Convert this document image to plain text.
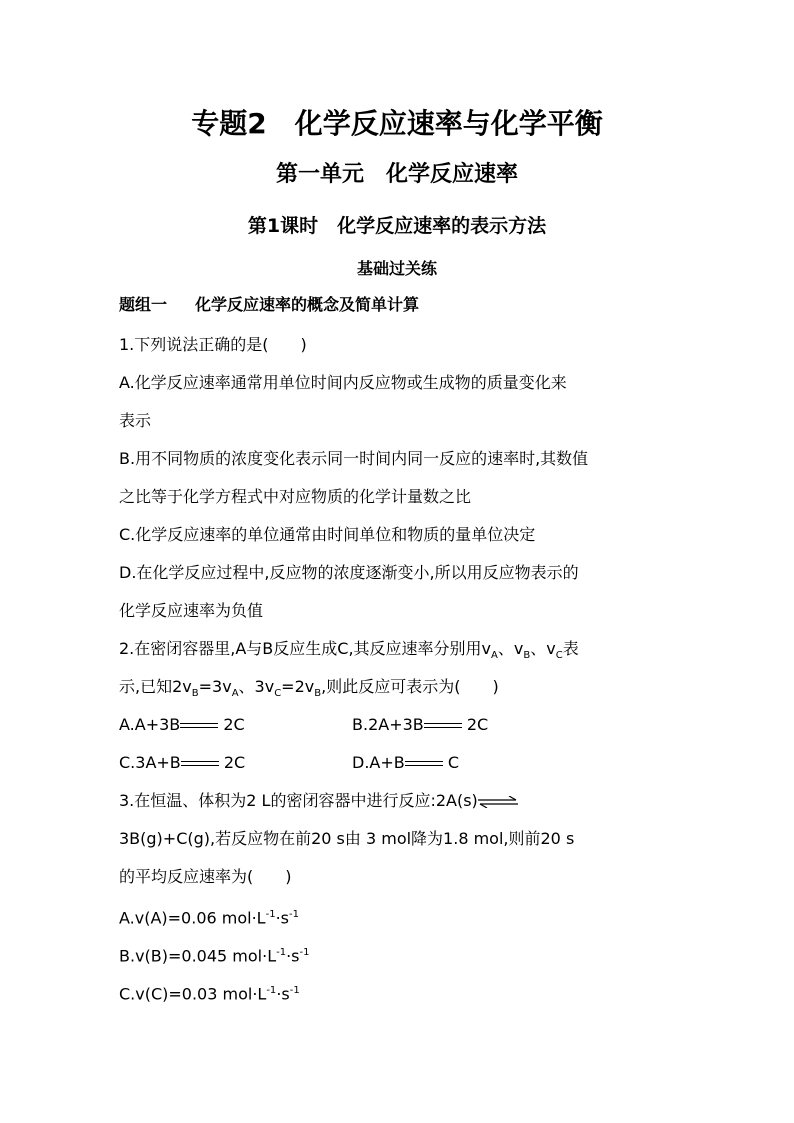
专题2　化学反应速率与化学平衡
第一单元　化学反应速率
第1课时　化学反应速率的表示方法
基础过关练
题组一 化学反应速率的概念及简单计算
1.下列说法正确的是(　　)
A.化学反应速率通常用单位时间内反应物或生成物的质量变化来
表示
B.用不同物质的浓度变化表示同一时间内同一反应的速率时,其数值
之比等于化学方程式中对应物质的化学计量数之比
C.化学反应速率的单位通常由时间单位和物质的量单位决定
D.在化学反应过程中,反应物的浓度逐渐变小,所以用反应物表示的
化学反应速率为负值
2.在密闭容器里,A与B反应生成C,其反应速率分别用$v_A$、$v_B$、$v_C$表
示,已知$2v_B=3v_A$、$3v_C=2v_B$,则此反应可表示为(　　)
A.A+3B	2C	B.2A+3B	2C
C.3A+B	2C	D.A+B	C
3.在恒温、体积为2 L的密闭容器中进行反应:2A(s)⇌
3B(g)+C(g),若反应物在前20 s由 3 mol降为1.8 mol,则前20 s
的平均反应速率为(　　)
A.v(A)=0.06 $mol\cdot L^{-1}\cdot s^{-1}$
B.v(B)=0.045 $mol\cdot L^{-1}\cdot s^{-1}$
C.v(C)=0.03 $mol\cdot L^{-1}\cdot s^{-1}$
